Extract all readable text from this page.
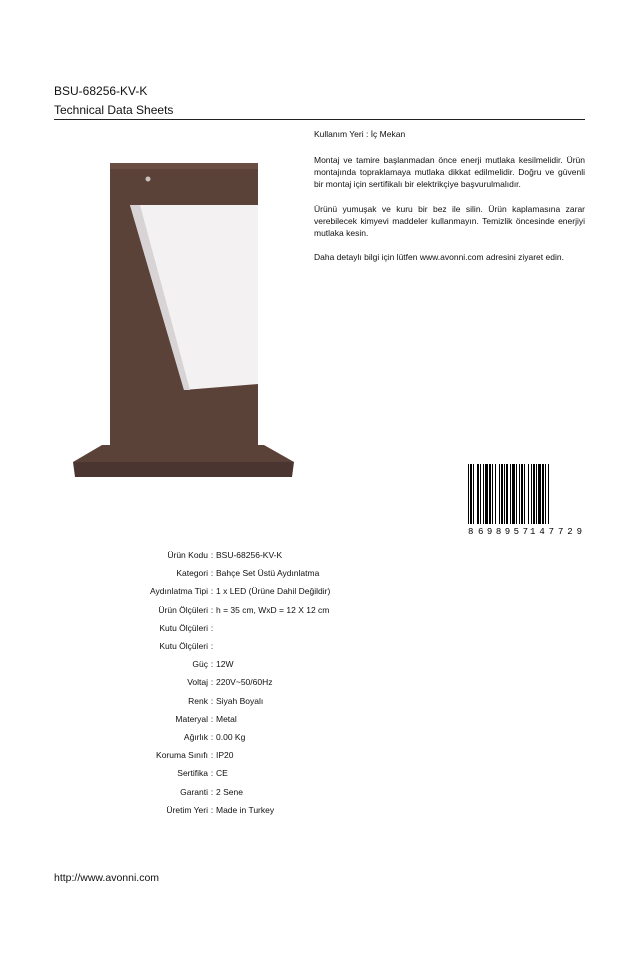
BSU-68256-KV-K
Technical Data Sheets
Kullanım Yeri : İç Mekan
Montaj ve tamire başlanmadan önce enerji mutlaka kesilmelidir. Ürün montajında topraklamaya mutlaka dikkat edilmelidir. Doğru ve güvenli bir montaj için sertifikalı bir elektrikçiye başvurulmalıdır.
Ürünü yumuşak ve kuru bir bez ile silin. Ürün kaplamasına zarar verebilecek kimyevi maddeler kullanmayın. Temizlik öncesinde enerjiyi mutlaka kesin.
Daha detaylı bilgi için lütfen www.avonni.com adresini ziyaret edin.
8 698957 147729
Ürün Kodu : BSU-68256-KV-K
Kategori : Bahçe Set Üstü Aydınlatma
Aydınlatma Tipi : 1 x LED (Ürüne Dahil Değildir)
Ürün Ölçüleri : h = 35 cm, WxD = 12 X 12 cm
Kutu Ölçüleri :
Kutu Ölçüleri :
Güç : 12W
Voltaj : 220V~50/60Hz
Renk : Siyah Boyalı
Materyal : Metal
Ağırlık : 0.00 Kg
Koruma Sınıfı : IP20
Sertifika : CE
Garanti : 2 Sene
Üretim Yeri : Made in Turkey
http://www.avonni.com
